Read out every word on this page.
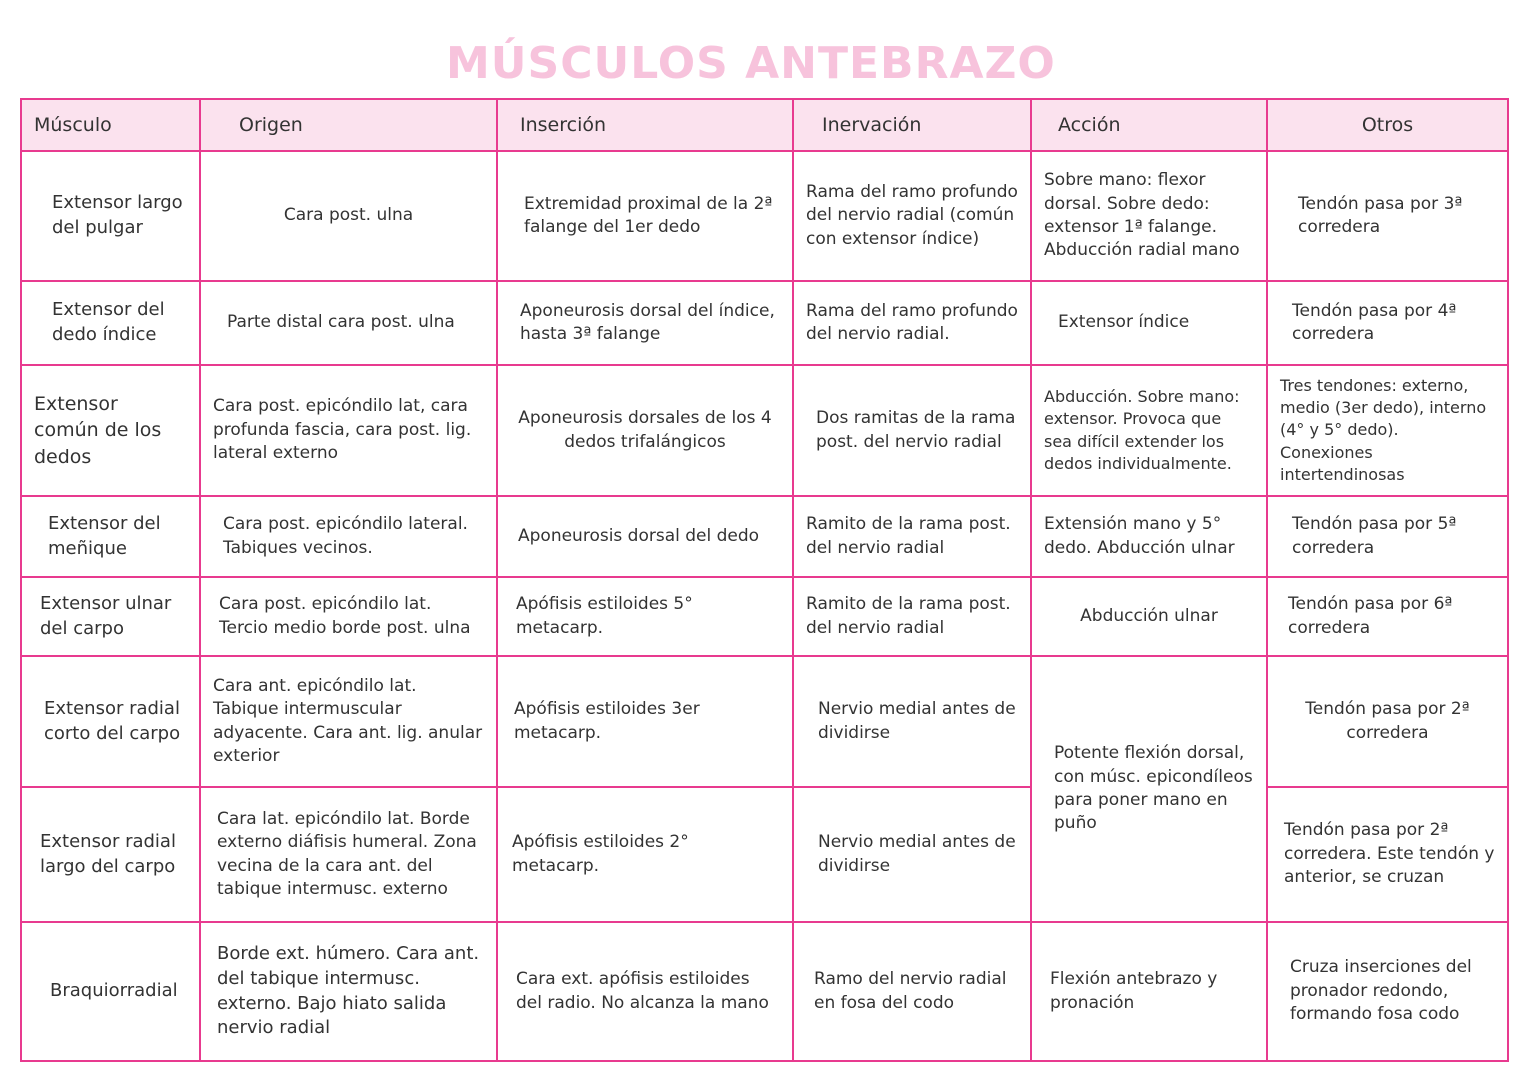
MÚSCULOS ANTEBRAZO
Músculo	Origen	Inserción	Inervación	Acción	Otros
Extensor largo del pulgar	Cara post. ulna	Extremidad proximal de la 2ª falange del 1er dedo	Rama del ramo profundo del nervio radial (común con extensor índice)	Sobre mano: flexor dorsal. Sobre dedo: extensor 1ª falange. Abducción radial mano	Tendón pasa por 3ª corredera
Extensor del dedo índice	Parte distal cara post. ulna	Aponeurosis dorsal del índice, hasta 3ª falange	Rama del ramo profundo del nervio radial.	Extensor índice	Tendón pasa por 4ª corredera
Extensor común de los dedos	Cara post. epicóndilo lat, cara profunda fascia, cara post. lig. lateral externo	Aponeurosis dorsales de los 4 dedos trifalángicos	Dos ramitas de la rama post. del nervio radial	Abducción. Sobre mano: extensor. Provoca que sea difícil extender los dedos individualmente.	Tres tendones: externo, medio (3er dedo), interno (4° y 5° dedo). Conexiones intertendinosas
Extensor del meñique	Cara post. epicóndilo lateral. Tabiques vecinos.	Aponeurosis dorsal del dedo	Ramito de la rama post. del nervio radial	Extensión mano y 5° dedo. Abducción ulnar	Tendón pasa por 5ª corredera
Extensor ulnar del carpo	Cara post. epicóndilo lat. Tercio medio borde post. ulna	Apófisis estiloides 5° metacarp.	Ramito de la rama post. del nervio radial	Abducción ulnar	Tendón pasa por 6ª corredera
Extensor radial corto del carpo	Cara ant. epicóndilo lat. Tabique intermuscular adyacente. Cara ant. lig. anular exterior	Apófisis estiloides 3er metacarp.	Nervio medial antes de dividirse	Potente flexión dorsal, con músc. epicondíleos para poner mano en puño	Tendón pasa por 2ª corredera
Extensor radial largo del carpo	Cara lat. epicóndilo lat. Borde externo diáfisis humeral. Zona vecina de la cara ant. del tabique intermusc. externo	Apófisis estiloides 2° metacarp.	Nervio medial antes de dividirse		Tendón pasa por 2ª corredera. Este tendón y anterior, se cruzan
Braquiorradial	Borde ext. húmero. Cara ant. del tabique intermusc. externo. Bajo hiato salida nervio radial	Cara ext. apófisis estiloides del radio. No alcanza la mano	Ramo del nervio radial en fosa del codo	Flexión antebrazo y pronación	Cruza inserciones del pronador redondo, formando fosa codo
